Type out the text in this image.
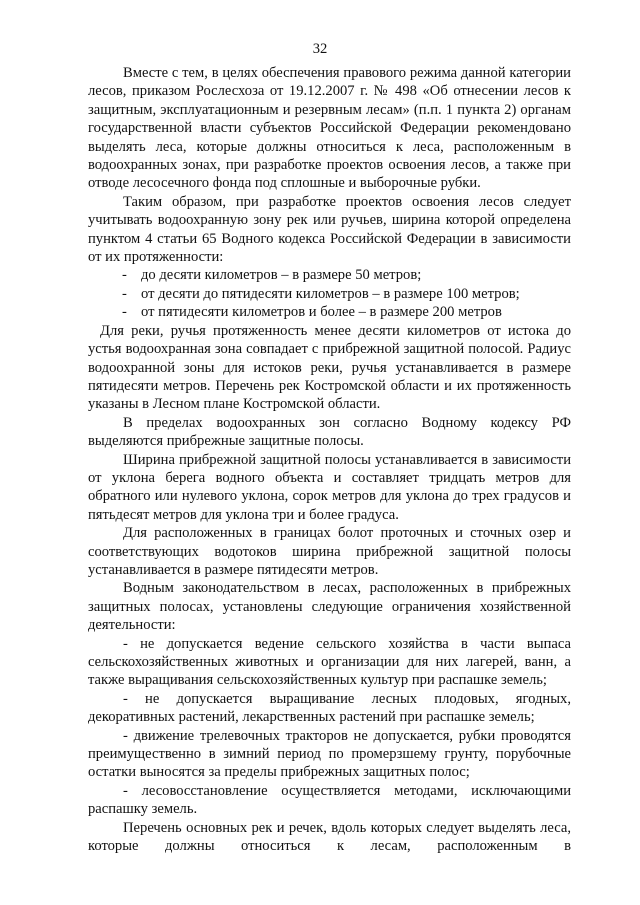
32

Вместе с тем, в целях обеспечения правового режима данной категории лесов, приказом Рослесхоза от 19.12.2007 г. № 498 «Об отнесении лесов к защитным, эксплуатационным и резервным лесам» (п.п. 1 пункта 2) органам государственной власти субъектов Российской Федерации рекомендовано выделять леса, которые должны относиться к леса, расположенным в водоохранных зонах, при разработке проектов освоения лесов, а также при отводе лесосечного фонда под сплошные и выборочные рубки.

Таким образом, при разработке проектов освоения лесов следует учитывать водоохранную зону рек или ручьев, ширина которой определена пунктом 4 статьи 65 Водного кодекса Российской Федерации в зависимости от их протяженности:

- до десяти километров – в размере 50 метров;
- от десяти до пятидесяти километров – в размере 100 метров;
- от пятидесяти километров и более – в размере 200 метров

Для реки, ручья протяженность менее десяти километров от истока до устья водоохранная зона совпадает с прибрежной защитной полосой. Радиус водоохранной зоны для истоков реки, ручья устанавливается в размере пятидесяти метров. Перечень рек Костромской области и их протяженность указаны в Лесном плане Костромской области.

В пределах водоохранных зон согласно Водному кодексу РФ выделяются прибрежные защитные полосы.

Ширина прибрежной защитной полосы устанавливается в зависимости от уклона берега водного объекта и составляет тридцать метров для обратного или нулевого уклона, сорок метров для уклона до трех градусов и пятьдесят метров для уклона три и более градуса.

Для расположенных в границах болот проточных и сточных озер и соответствующих водотоков ширина прибрежной защитной полосы устанавливается в размере пятидесяти метров.

Водным законодательством в лесах, расположенных в прибрежных защитных полосах, установлены следующие ограничения хозяйственной деятельности:

- не допускается ведение сельского хозяйства в части выпаса сельскохозяйственных животных и организации для них лагерей, ванн, а также выращивания сельскохозяйственных культур при распашке земель;

- не допускается выращивание лесных плодовых, ягодных, декоративных растений, лекарственных растений при распашке земель;

- движение трелевочных тракторов не допускается, рубки проводятся преимущественно в зимний период по промерзшему грунту, порубочные остатки выносятся за пределы прибрежных защитных полос;

- лесовосстановление осуществляется методами, исключающими распашку земель.

Перечень основных рек и речек, вдоль которых следует выделять леса, которые должны относиться к лесам, расположенным в
